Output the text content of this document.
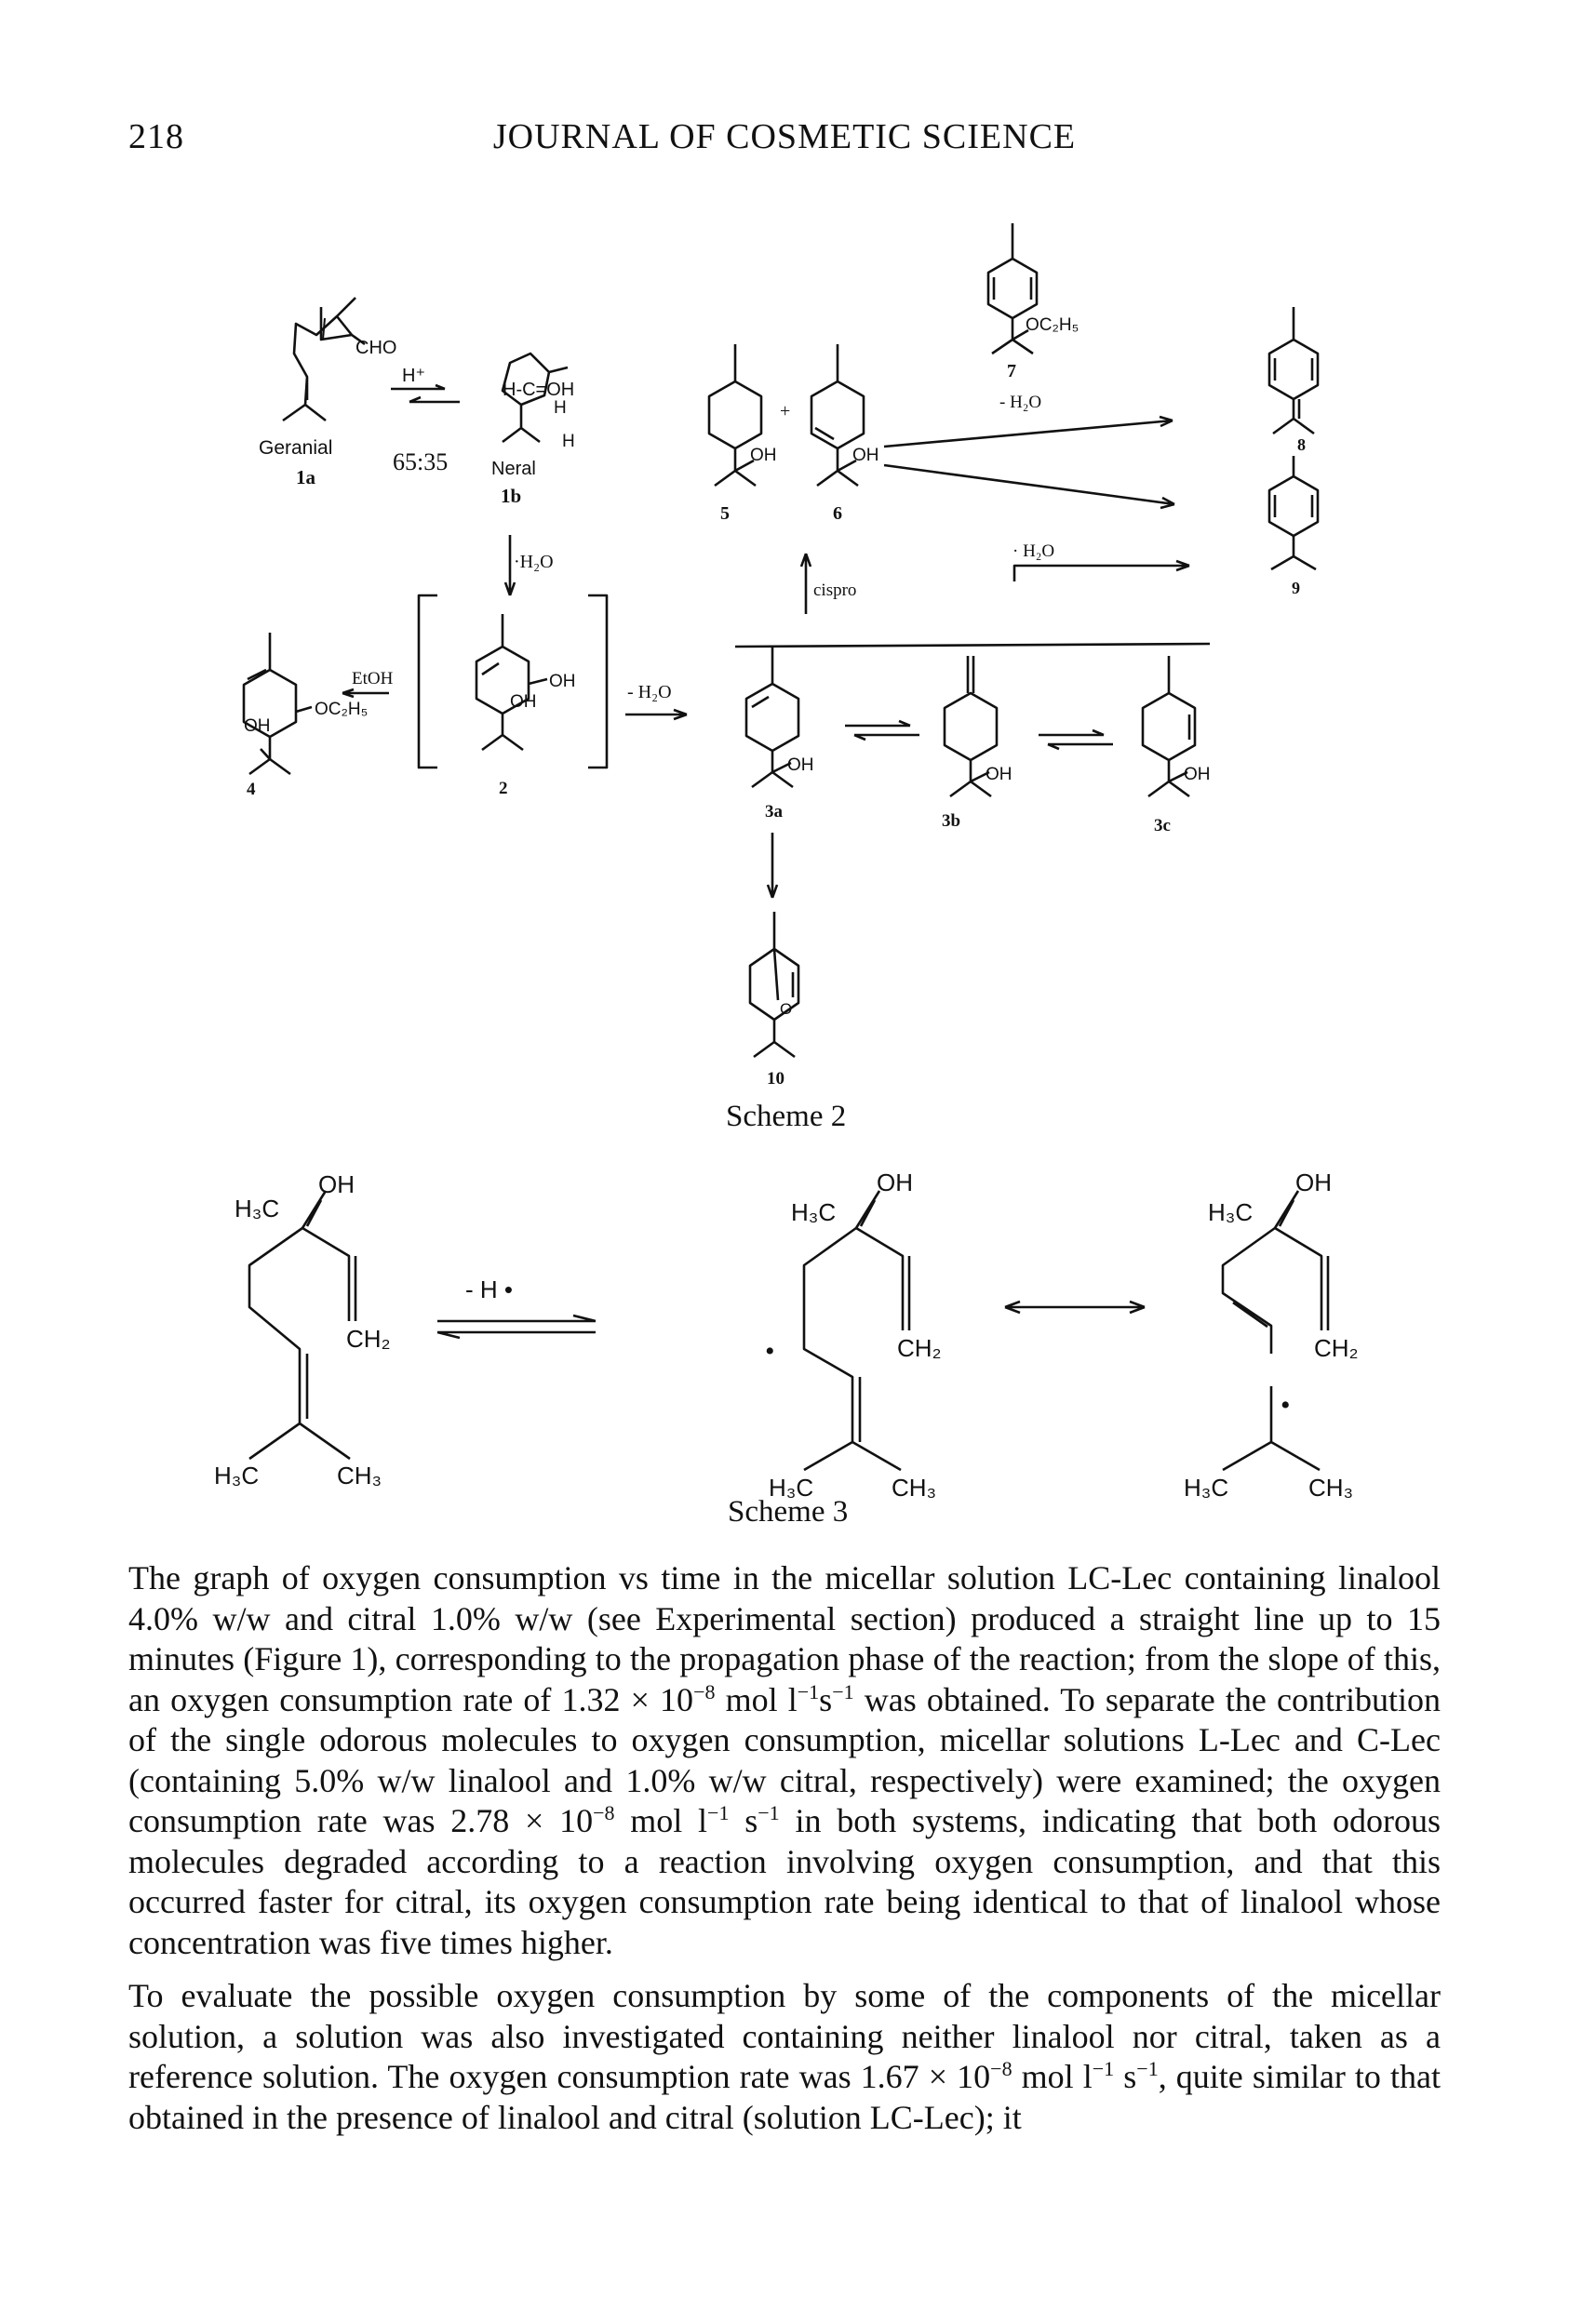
218	JOURNAL OF COSMETIC SCIENCE
CHO
Geranial
1a
65:35
H⁺
H-C=OH
H
H
Neral
1b
·H₂O
OH
5
+
OH
6
OC₂H₅
7
- H₂O
8
9
· H₂O
cispro
OC₂H₅
OH
4
EtOH	OH
OH
2
- H₂O
OH
3a
OH
3b
OH
3c
O
10
Scheme 2
H₃C
OH
CH₂
H₃C	CH₃
- H •
H₃C
OH
•	CH₂
H₃C	CH₃
H₃C
OH
•
CH₂
H₃C	CH₃
Scheme 3

The graph of oxygen consumption vs time in the micellar solution LC-Lec containing linalool 4.0% w/w and citral 1.0% w/w (see Experimental section) produced a straight line up to 15 minutes (Figure 1), corresponding to the propagation phase of the reaction; from the slope of this, an oxygen consumption rate of $1.32 \times 10^{-8}$ mol $l^{-1}s^{-1}$ was obtained. To separate the contribution of the single odorous molecules to oxygen consumption, micellar solutions L-Lec and C-Lec (containing 5.0% w/w linalool and 1.0% w/w citral, respectively) were examined; the oxygen consumption rate was $2.78 \times 10^{-8}$ mol $l^{-1}$ $s^{-1}$ in both systems, indicating that both odorous molecules degraded according to a reaction involving oxygen consumption, and that this occurred faster for citral, its oxygen consumption rate being identical to that of linalool whose concentration was five times higher.

To evaluate the possible oxygen consumption by some of the components of the micellar solution, a solution was also investigated containing neither linalool nor citral, taken as a reference solution. The oxygen consumption rate was $1.67 \times 10^{-8}$ mol $l^{-1}$ $s^{-1}$, quite similar to that obtained in the presence of linalool and citral (solution LC-Lec); it
